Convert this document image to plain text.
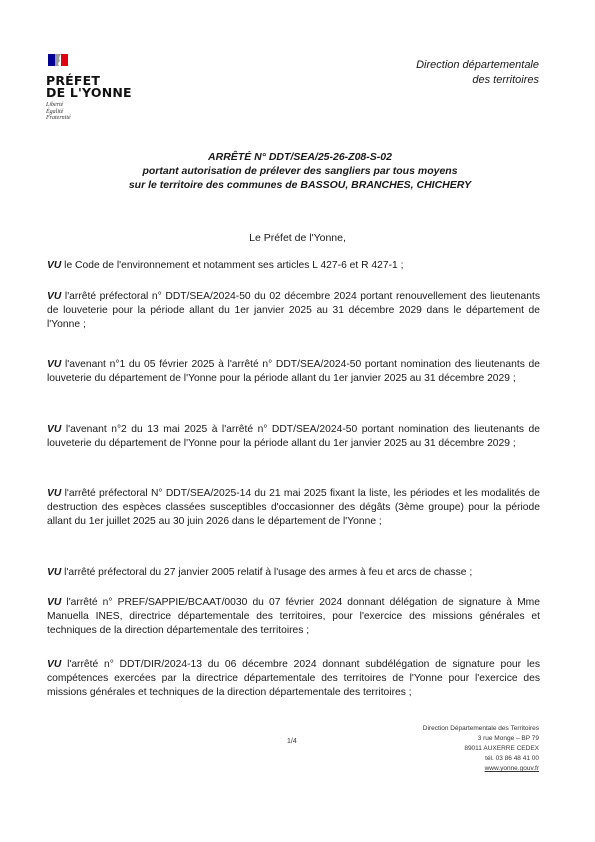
PRÉFET
DE L'YONNE
Liberté
Égalité
Fraternité
Direction départementale
des territoires
ARRÊTÉ N° DDT/SEA/25-26-Z08-S-02
portant autorisation de prélever des sangliers par tous moyens
sur le territoire des communes de BASSOU, BRANCHES, CHICHERY
Le Préfet de l'Yonne,

VU le Code de l'environnement et notamment ses articles L 427-6 et R 427-1 ;

VU l'arrêté préfectoral n° DDT/SEA/2024-50 du 02 décembre 2024 portant renouvellement des lieutenants de louveterie pour la période allant du 1er janvier 2025 au 31 décembre 2029 dans le département de l'Yonne ;

VU l'avenant n°1 du 05 février 2025 à l'arrêté n° DDT/SEA/2024-50 portant nomination des lieutenants de louveterie du département de l'Yonne pour la période allant du 1er janvier 2025 au 31 décembre 2029 ;

VU l'avenant n°2 du 13 mai 2025 à l'arrêté n° DDT/SEA/2024-50 portant nomination des lieutenants de louveterie du département de l'Yonne pour la période allant du 1er janvier 2025 au 31 décembre 2029 ;

VU l'arrêté préfectoral N° DDT/SEA/2025-14 du 21 mai 2025 fixant la liste, les périodes et les modalités de destruction des espèces classées susceptibles d'occasionner des dégâts (3ème groupe) pour la période allant du 1er juillet 2025 au 30 juin 2026 dans le département de l'Yonne ;

VU l'arrêté préfectoral du 27 janvier 2005 relatif à l'usage des armes à feu et arcs de chasse ;

VU l'arrêté n° PREF/SAPPIE/BCAAT/0030 du 07 février 2024 donnant délégation de signature à Mme Manuella INES, directrice départementale des territoires, pour l'exercice des missions générales et techniques de la direction départementale des territoires ;

VU l'arrêté n° DDT/DIR/2024-13 du 06 décembre 2024 donnant subdélégation de signature pour les compétences exercées par la directrice départementale des territoires de l'Yonne pour l'exercice des missions générales et techniques de la direction départementale des territoires ;

1/4
Direction Départementale des Territoires
3 rue Monge – BP 79
89011 AUXERRE CEDEX
tél. 03 86 48 41 00
www.yonne.gouv.fr
